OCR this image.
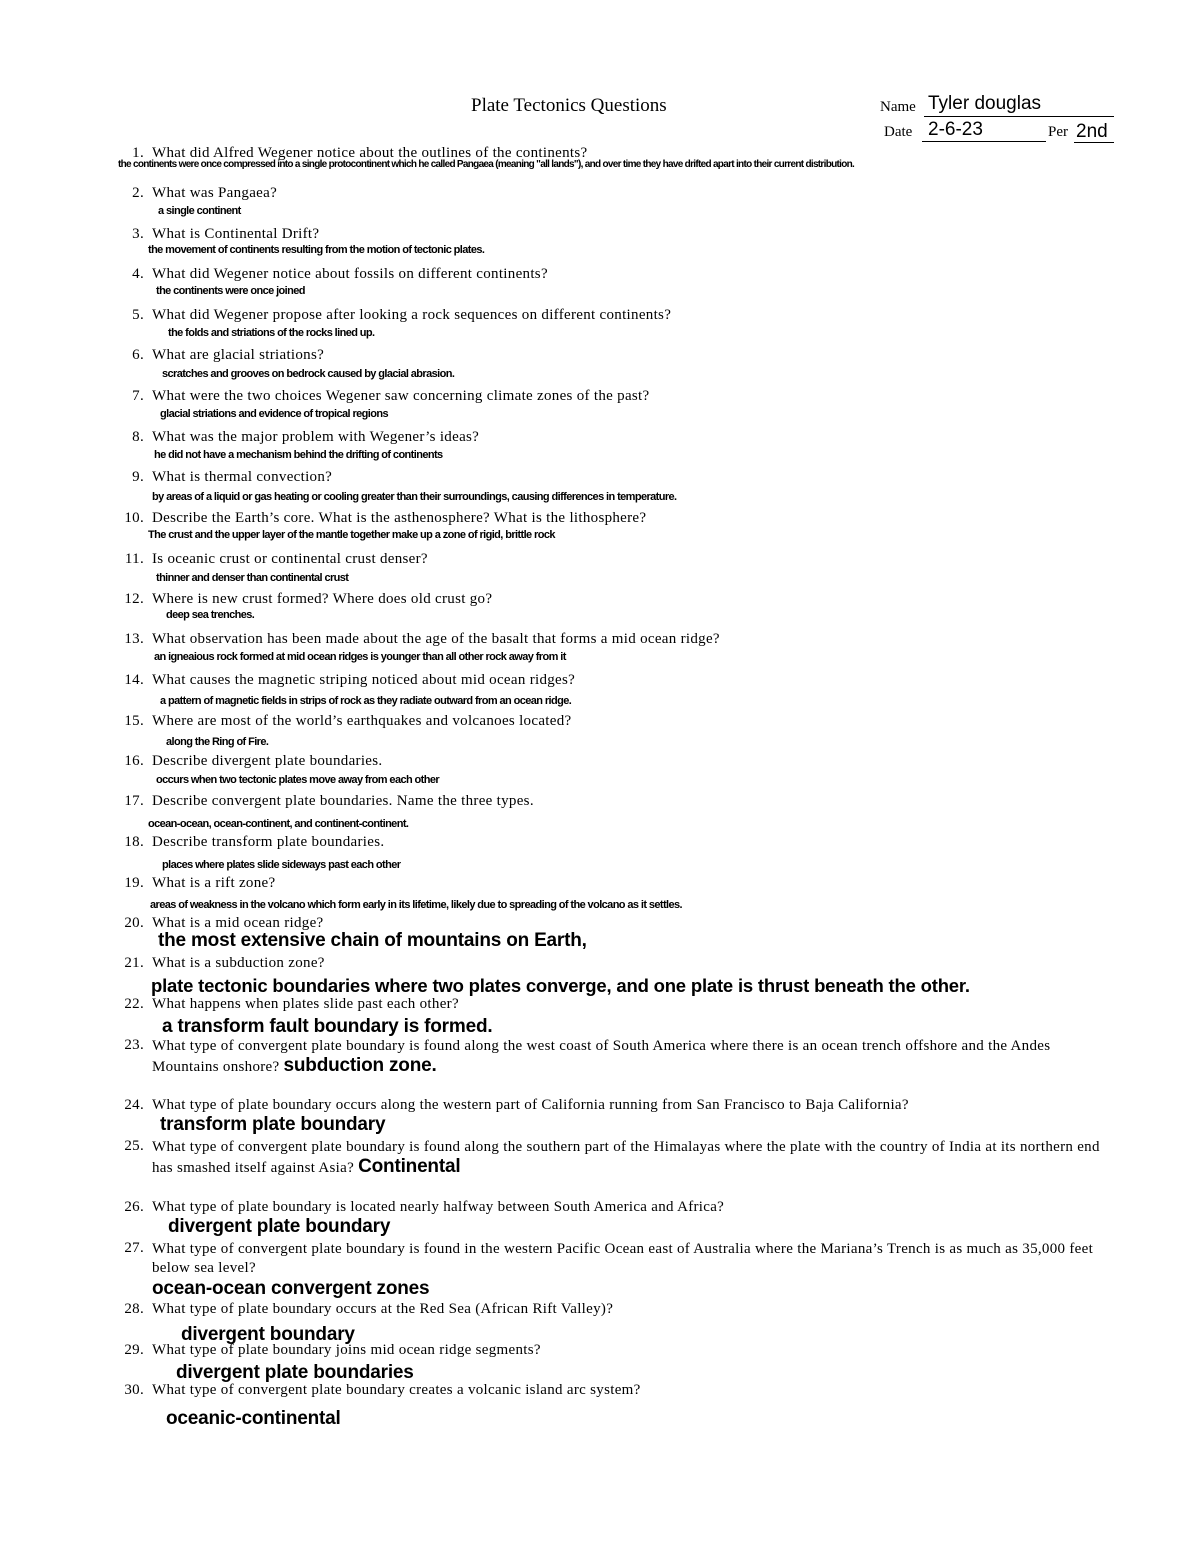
Plate Tectonics Questions	Name Tyler douglas
Date 2-6-23	Per 2nd
1. What did Alfred Wegener notice about the outlines of the continents?
the continents were once compressed into a single protocontinent which he called Pangaea (meaning "all lands"), and over time they have drifted apart into their current distribution.
2. What was Pangaea?
a single continent
3. What is Continental Drift?
the movement of continents resulting from the motion of tectonic plates.
4. What did Wegener notice about fossils on different continents?
the continents were once joined
5. What did Wegener propose after looking a rock sequences on different continents?
the folds and striations of the rocks lined up.
6. What are glacial striations?
scratches and grooves on bedrock caused by glacial abrasion.
7. What were the two choices Wegener saw concerning climate zones of the past?
glacial striations and evidence of tropical regions
8. What was the major problem with Wegener’s ideas?
he did not have a mechanism behind the drifting of continents
9. What is thermal convection?
by areas of a liquid or gas heating or cooling greater than their surroundings, causing differences in temperature.
10. Describe the Earth’s core. What is the asthenosphere? What is the lithosphere?
The crust and the upper layer of the mantle together make up a zone of rigid, brittle rock
11. Is oceanic crust or continental crust denser?
thinner and denser than continental crust
12. Where is new crust formed? Where does old crust go?
deep sea trenches.
13. What observation has been made about the age of the basalt that forms a mid ocean ridge?
an igneaious rock formed at mid ocean ridges is younger than all other rock away from it
14. What causes the magnetic striping noticed about mid ocean ridges?
a pattern of magnetic fields in strips of rock as they radiate outward from an ocean ridge.
15. Where are most of the world’s earthquakes and volcanoes located?
along the Ring of Fire.
16. Describe divergent plate boundaries.
occurs when two tectonic plates move away from each other
17. Describe convergent plate boundaries. Name the three types.
ocean-ocean, ocean-continent, and continent-continent.
18. Describe transform plate boundaries.
places where plates slide sideways past each other
19. What is a rift zone?
areas of weakness in the volcano which form early in its lifetime, likely due to spreading of the volcano as it settles.
20. What is a mid ocean ridge?
the most extensive chain of mountains on Earth,
21. What is a subduction zone?
plate tectonic boundaries where two plates converge, and one plate is thrust beneath the other.
22. What happens when plates slide past each other?
a transform fault boundary is formed.
23. What type of convergent plate boundary is found along the west coast of South America where there is an ocean trench offshore and the Andes Mountains onshore? subduction zone.
24. What type of plate boundary occurs along the western part of California running from San Francisco to Baja California?
transform plate boundary
25. What type of convergent plate boundary is found along the southern part of the Himalayas where the plate with the country of India at its northern end has smashed itself against Asia? Continental
26. What type of plate boundary is located nearly halfway between South America and Africa?
divergent plate boundary
27. What type of convergent plate boundary is found in the western Pacific Ocean east of Australia where the Mariana’s Trench is as much as 35,000 feet below sea level?
ocean-ocean convergent zones
28. What type of plate boundary occurs at the Red Sea (African Rift Valley)?
divergent boundary
29. What type of plate boundary joins mid ocean ridge segments?
divergent plate boundaries
30. What type of convergent plate boundary creates a volcanic island arc system?
oceanic-continental
